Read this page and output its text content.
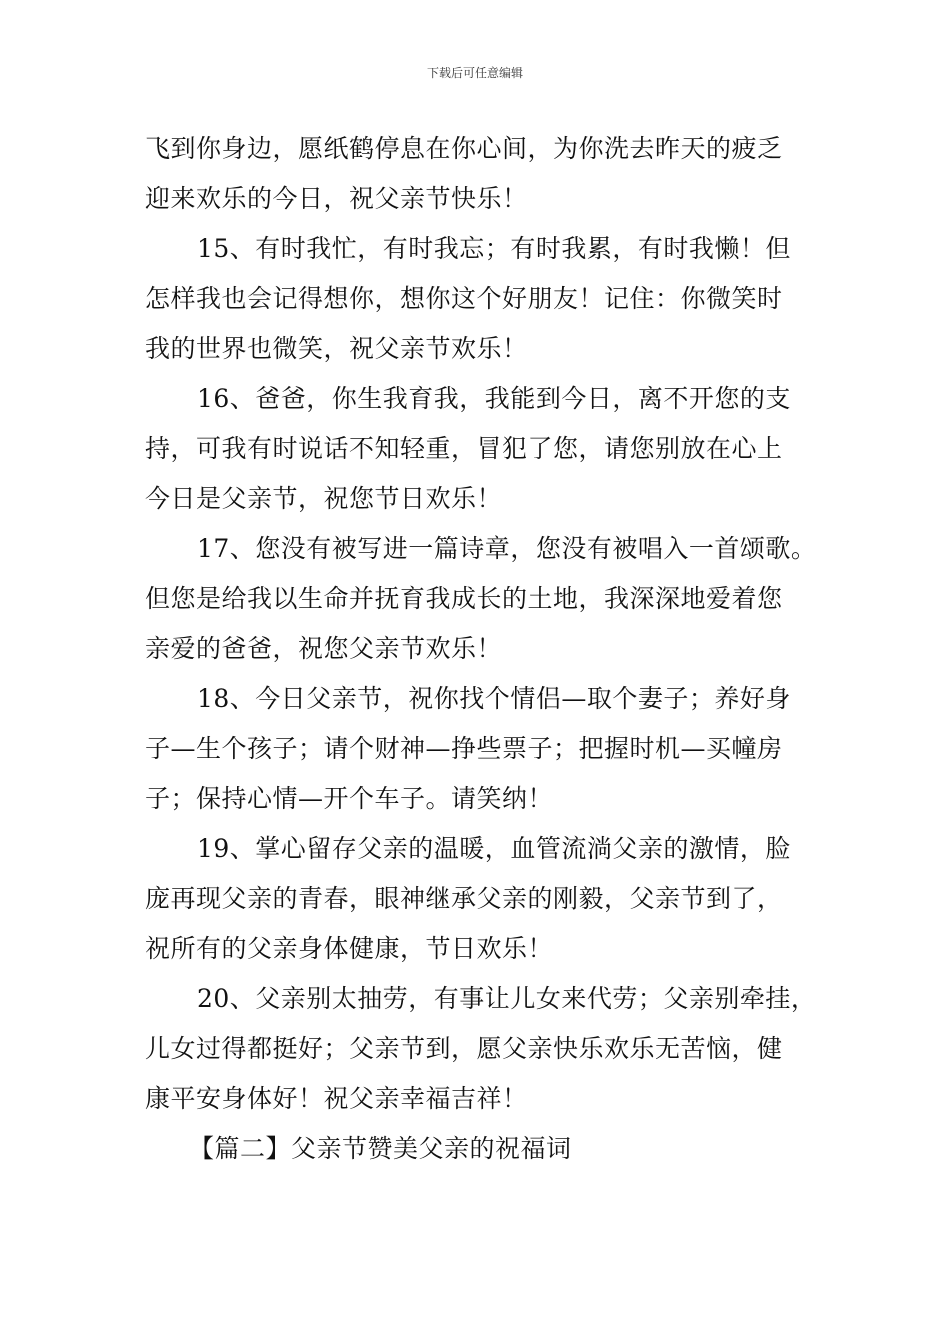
下载后可任意编辑
飞到你身边，愿纸鹤停息在你心间，为你洗去昨天的疲乏
迎来欢乐的今日，祝父亲节快乐！
15、有时我忙，有时我忘；有时我累，有时我懒！但
怎样我也会记得想你，想你这个好朋友！记住：你微笑时
我的世界也微笑，祝父亲节欢乐！
16、爸爸，你生我育我，我能到今日，离不开您的支
持，可我有时说话不知轻重，冒犯了您，请您别放在心上
今日是父亲节，祝您节日欢乐！
17、您没有被写进一篇诗章，您没有被唱入一首颂歌。
但您是给我以生命并抚育我成长的土地，我深深地爱着您
亲爱的爸爸，祝您父亲节欢乐！
18、今日父亲节，祝你找个情侣—取个妻子；养好身
子—生个孩子；请个财神—挣些票子；把握时机—买幢房
子；保持心情—开个车子。请笑纳！
19、掌心留存父亲的温暖，血管流淌父亲的激情，脸
庞再现父亲的青春，眼神继承父亲的刚毅，父亲节到了，
祝所有的父亲身体健康，节日欢乐！
20、父亲别太抽劳，有事让儿女来代劳；父亲别牵挂，
儿女过得都挺好；父亲节到，愿父亲快乐欢乐无苦恼，健
康平安身体好！祝父亲幸福吉祥！
【篇二】父亲节赞美父亲的祝福词
